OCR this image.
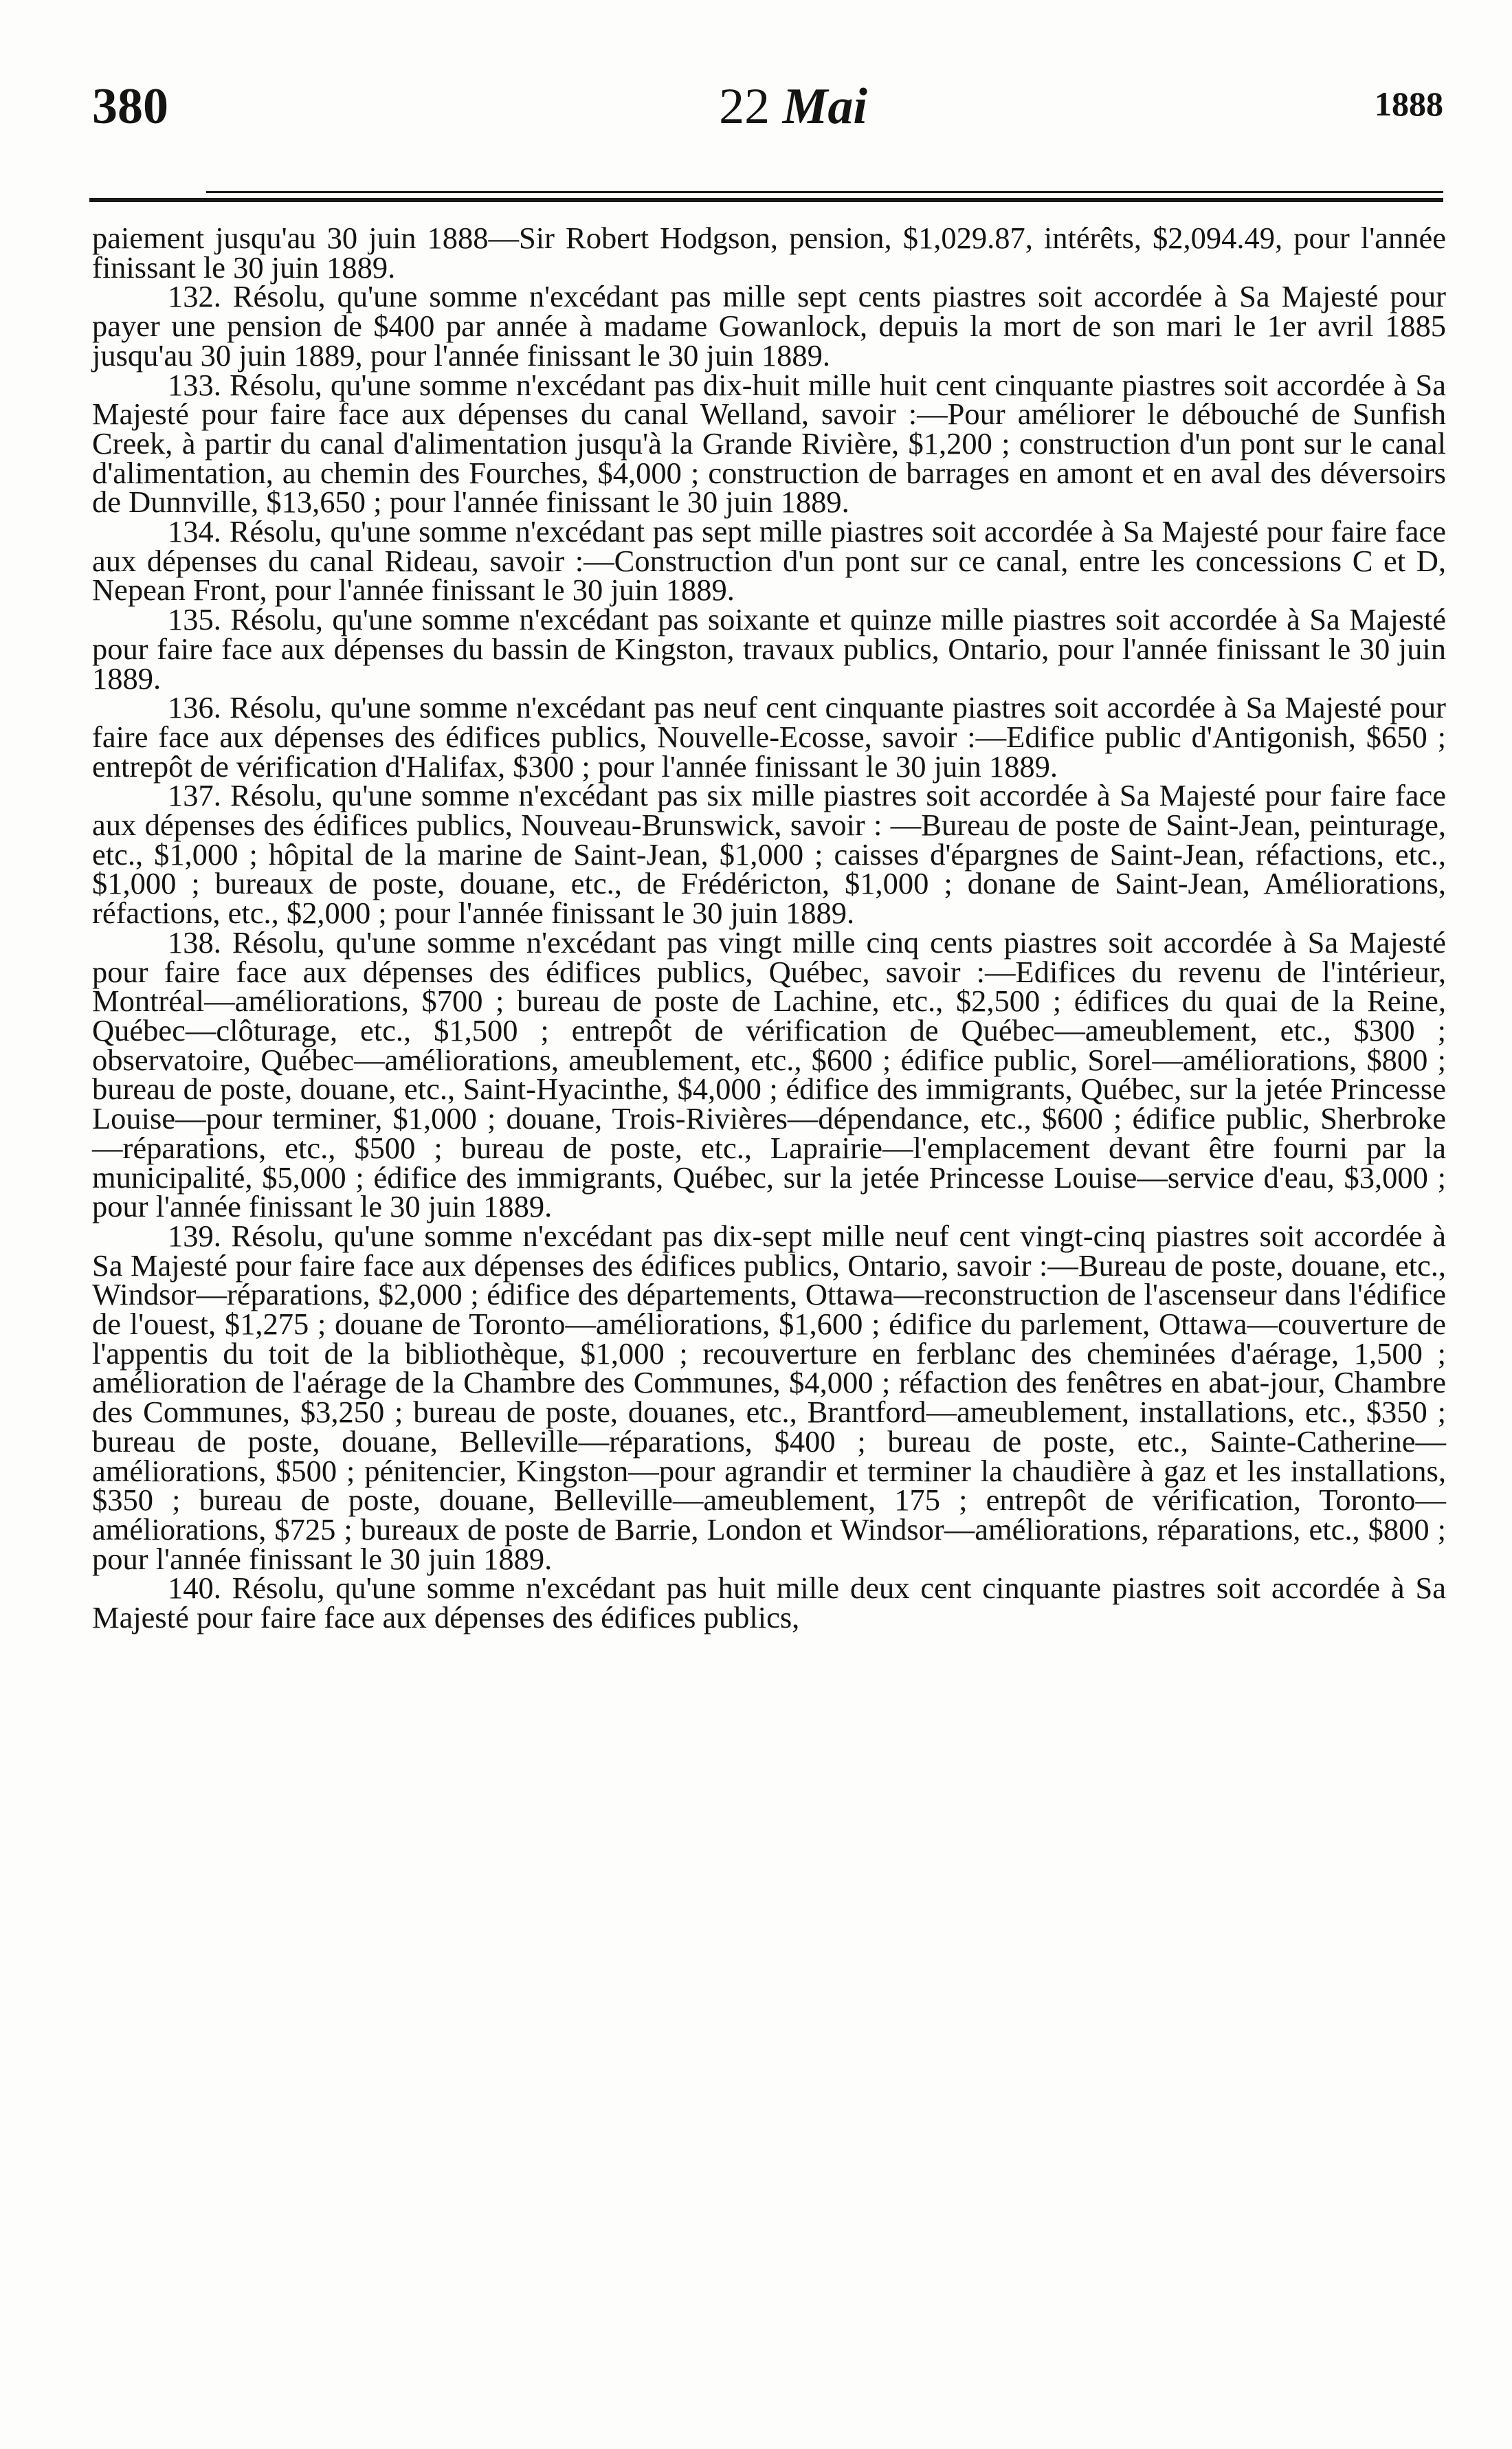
380	22 Mai	1888

paiement jusqu'au 30 juin 1888—Sir Robert Hodgson, pension, $1,029.87, intérêts, $2,094.49, pour l'année finissant le 30 juin 1889.

132. Résolu, qu'une somme n'excédant pas mille sept cents piastres soit accordée à Sa Majesté pour payer une pension de $400 par année à madame Gowanlock, depuis la mort de son mari le 1er avril 1885 jusqu'au 30 juin 1889, pour l'année finissant le 30 juin 1889.

133. Résolu, qu'une somme n'excédant pas dix-huit mille huit cent cinquante piastres soit accordée à Sa Majesté pour faire face aux dépenses du canal Welland, savoir :—Pour améliorer le débouché de Sunfish Creek, à partir du canal d'alimentation jusqu'à la Grande Rivière, $1,200 ; construction d'un pont sur le canal d'alimentation, au chemin des Fourches, $4,000 ; construction de barrages en amont et en aval des déversoirs de Dunnville, $13,650 ; pour l'année finissant le 30 juin 1889.

134. Résolu, qu'une somme n'excédant pas sept mille piastres soit accordée à Sa Majesté pour faire face aux dépenses du canal Rideau, savoir :—Construction d'un pont sur ce canal, entre les concessions C et D, Nepean Front, pour l'année finissant le 30 juin 1889.

135. Résolu, qu'une somme n'excédant pas soixante et quinze mille piastres soit accordée à Sa Majesté pour faire face aux dépenses du bassin de Kingston, travaux publics, Ontario, pour l'année finissant le 30 juin 1889.

136. Résolu, qu'une somme n'excédant pas neuf cent cinquante piastres soit accordée à Sa Majesté pour faire face aux dépenses des édifices publics, Nouvelle-Ecosse, savoir :—Edifice public d'Antigonish, $650 ; entrepôt de vérification d'Halifax, $300 ; pour l'année finissant le 30 juin 1889.

137. Résolu, qu'une somme n'excédant pas six mille piastres soit accordée à Sa Majesté pour faire face aux dépenses des édifices publics, Nouveau-Brunswick, savoir : —Bureau de poste de Saint-Jean, peinturage, etc., $1,000 ; hôpital de la marine de Saint-Jean, $1,000 ; caisses d'épargnes de Saint-Jean, réfactions, etc., $1,000 ; bureaux de poste, douane, etc., de Frédéricton, $1,000 ; donane de Saint-Jean, Améliorations, réfactions, etc., $2,000 ; pour l'année finissant le 30 juin 1889.

138. Résolu, qu'une somme n'excédant pas vingt mille cinq cents piastres soit accordée à Sa Majesté pour faire face aux dépenses des édifices publics, Québec, savoir :—Edifices du revenu de l'intérieur, Montréal—améliorations, $700 ; bureau de poste de Lachine, etc., $2,500 ; édifices du quai de la Reine, Québec—clôturage, etc., $1,500 ; entrepôt de vérification de Québec—ameublement, etc., $300 ; observatoire, Québec—améliorations, ameublement, etc., $600 ; édifice public, Sorel—améliorations, $800 ; bureau de poste, douane, etc., Saint-Hyacinthe, $4,000 ; édifice des immigrants, Québec, sur la jetée Princesse Louise—pour terminer, $1,000 ; douane, Trois-Rivières—dépendance, etc., $600 ; édifice public, Sherbroke—réparations, etc., $500 ; bureau de poste, etc., Laprairie—l'emplacement devant être fourni par la municipalité, $5,000 ; édifice des immigrants, Québec, sur la jetée Princesse Louise—service d'eau, $3,000 ; pour l'année finissant le 30 juin 1889.

139. Résolu, qu'une somme n'excédant pas dix-sept mille neuf cent vingt-cinq piastres soit accordée à Sa Majesté pour faire face aux dépenses des édifices publics, Ontario, savoir :—Bureau de poste, douane, etc., Windsor—réparations, $2,000 ; édifice des départements, Ottawa—reconstruction de l'ascenseur dans l'édifice de l'ouest, $1,275 ; douane de Toronto—améliorations, $1,600 ; édifice du parlement, Ottawa—couverture de l'appentis du toit de la bibliothèque, $1,000 ; recouverture en ferblanc des cheminées d'aérage, 1,500 ; amélioration de l'aérage de la Chambre des Communes, $4,000 ; réfaction des fenêtres en abat-jour, Chambre des Communes, $3,250 ; bureau de poste, douanes, etc., Brantford—ameublement, installations, etc., $350 ; bureau de poste, douane, Belleville—réparations, $400 ; bureau de poste, etc., Sainte-Catherine—améliorations, $500 ; pénitencier, Kingston—pour agrandir et terminer la chaudière à gaz et les installations, $350 ; bureau de poste, douane, Belleville—ameublement, 175 ; entrepôt de vérification, Toronto—améliorations, $725 ; bureaux de poste de Barrie, London et Windsor—améliorations, réparations, etc., $800 ; pour l'année finissant le 30 juin 1889.

140. Résolu, qu'une somme n'excédant pas huit mille deux cent cinquante piastres soit accordée à Sa Majesté pour faire face aux dépenses des édifices publics,
